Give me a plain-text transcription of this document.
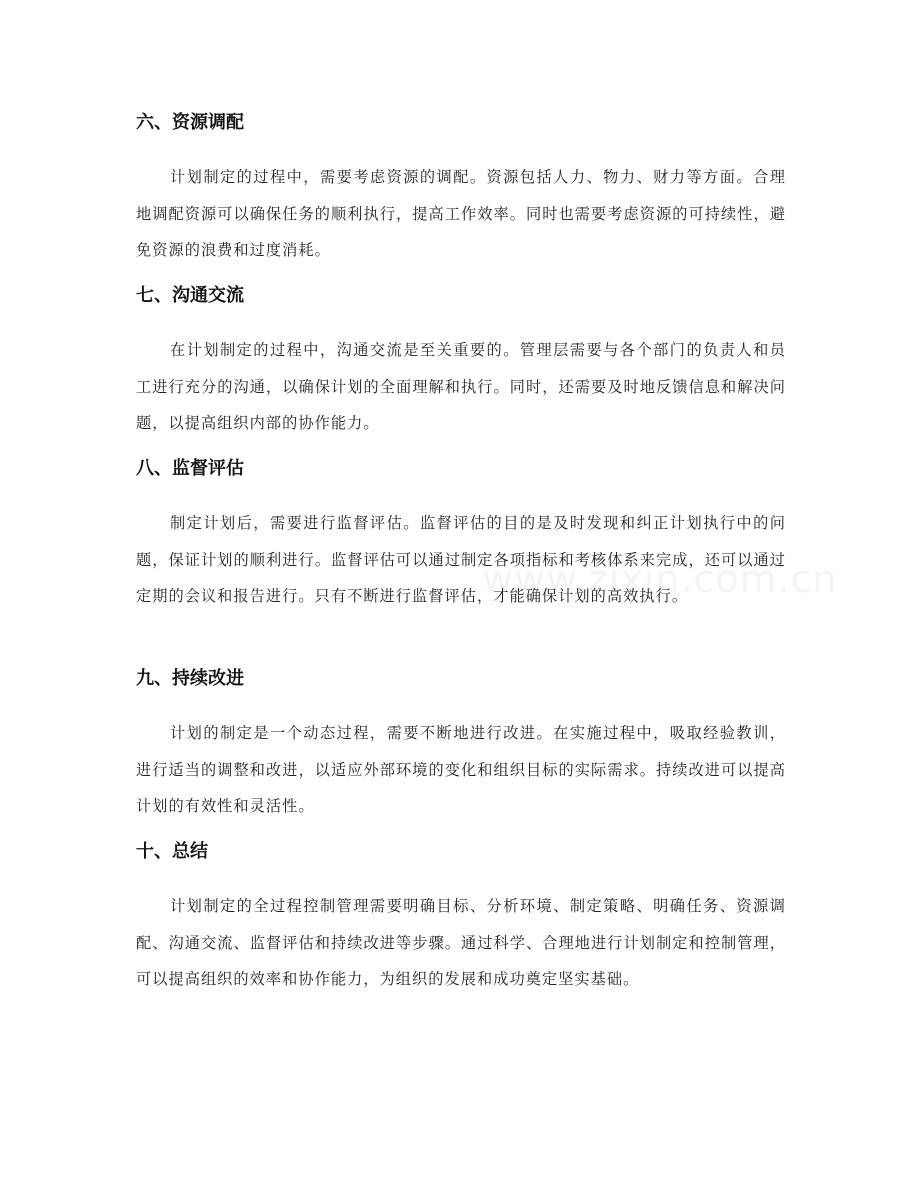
六、资源调配

计划制定的过程中，需要考虑资源的调配。资源包括人力、物力、财力等方面。合理地调配资源可以确保任务的顺利执行，提高工作效率。同时也需要考虑资源的可持续性，避免资源的浪费和过度消耗。

七、沟通交流

在计划制定的过程中，沟通交流是至关重要的。管理层需要与各个部门的负责人和员工进行充分的沟通，以确保计划的全面理解和执行。同时，还需要及时地反馈信息和解决问题，以提高组织内部的协作能力。

八、监督评估

制定计划后，需要进行监督评估。监督评估的目的是及时发现和纠正计划执行中的问题，保证计划的顺利进行。监督评估可以通过制定各项指标和考核体系来完成，还可以通过定期的会议和报告进行。只有不断进行监督评估，才能确保计划的高效执行。

九、持续改进

计划的制定是一个动态过程，需要不断地进行改进。在实施过程中，吸取经验教训，进行适当的调整和改进，以适应外部环境的变化和组织目标的实际需求。持续改进可以提高计划的有效性和灵活性。

十、总结

计划制定的全过程控制管理需要明确目标、分析环境、制定策略、明确任务、资源调配、沟通交流、监督评估和持续改进等步骤。通过科学、合理地进行计划制定和控制管理，可以提高组织的效率和协作能力，为组织的发展和成功奠定坚实基础。

www.zixin.com.cn
